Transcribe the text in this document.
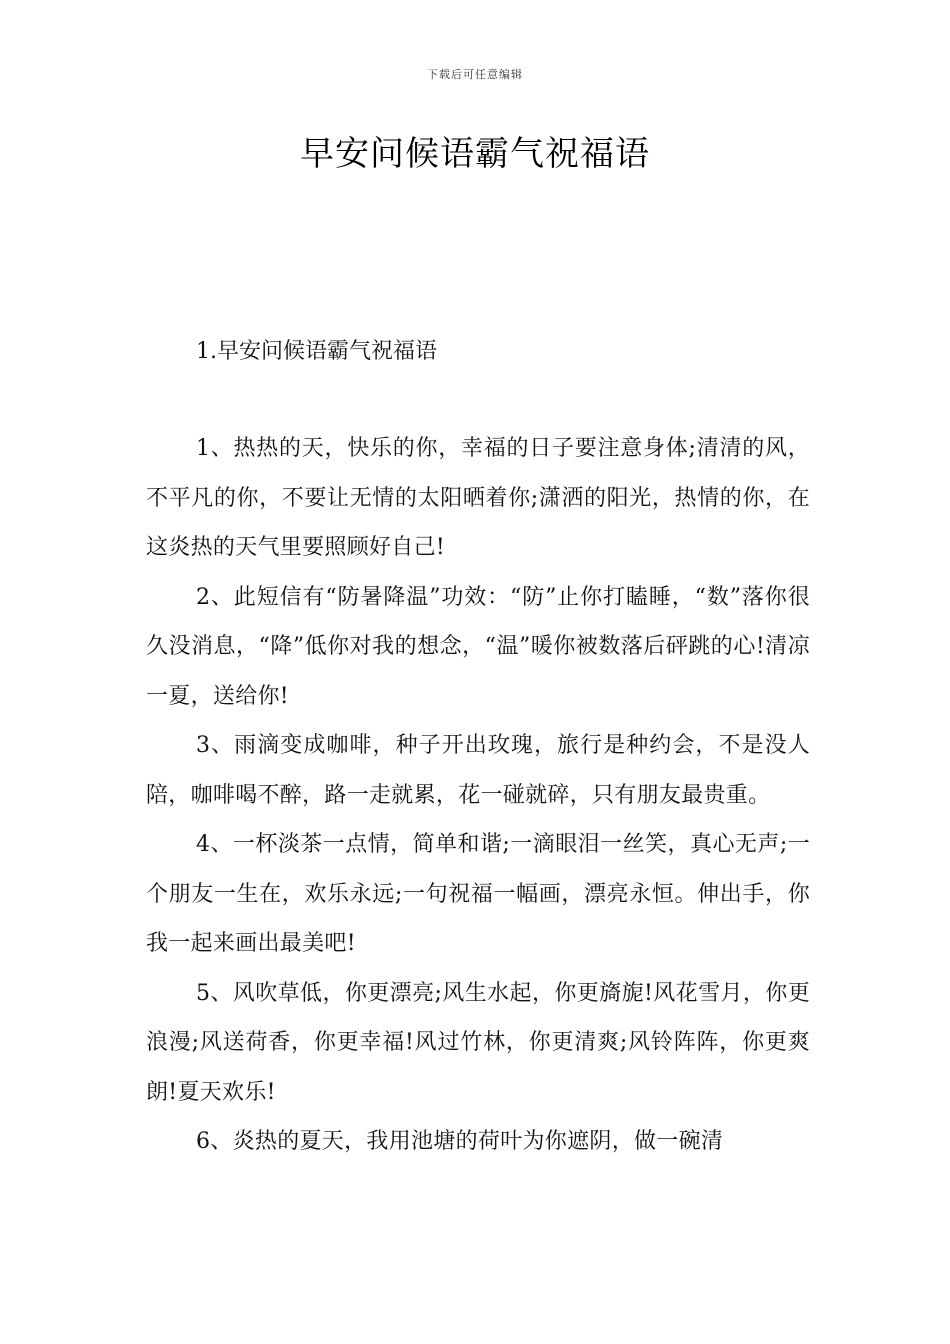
下载后可任意编辑
早安问候语霸气祝福语
1.早安问候语霸气祝福语

1、热热的天，快乐的你，幸福的日子要注意身体;清清的风，不平凡的你，不要让无情的太阳晒着你;潇洒的阳光，热情的你，在这炎热的天气里要照顾好自己!

2、此短信有“防暑降温”功效：“防”止你打瞌睡，“数”落你很久没消息，“降”低你对我的想念，“温”暖你被数落后砰跳的心!清凉一夏，送给你!

3、雨滴变成咖啡，种子开出玫瑰，旅行是种约会，不是没人陪，咖啡喝不醉，路一走就累，花一碰就碎，只有朋友最贵重。

4、一杯淡茶一点情，简单和谐;一滴眼泪一丝笑，真心无声;一个朋友一生在，欢乐永远;一句祝福一幅画，漂亮永恒。伸出手，你我一起来画出最美吧!

5、风吹草低，你更漂亮;风生水起，你更旖旎!风花雪月，你更浪漫;风送荷香，你更幸福!风过竹林，你更清爽;风铃阵阵，你更爽朗!夏天欢乐!

6、炎热的夏天，我用池塘的荷叶为你遮阴，做一碗清
